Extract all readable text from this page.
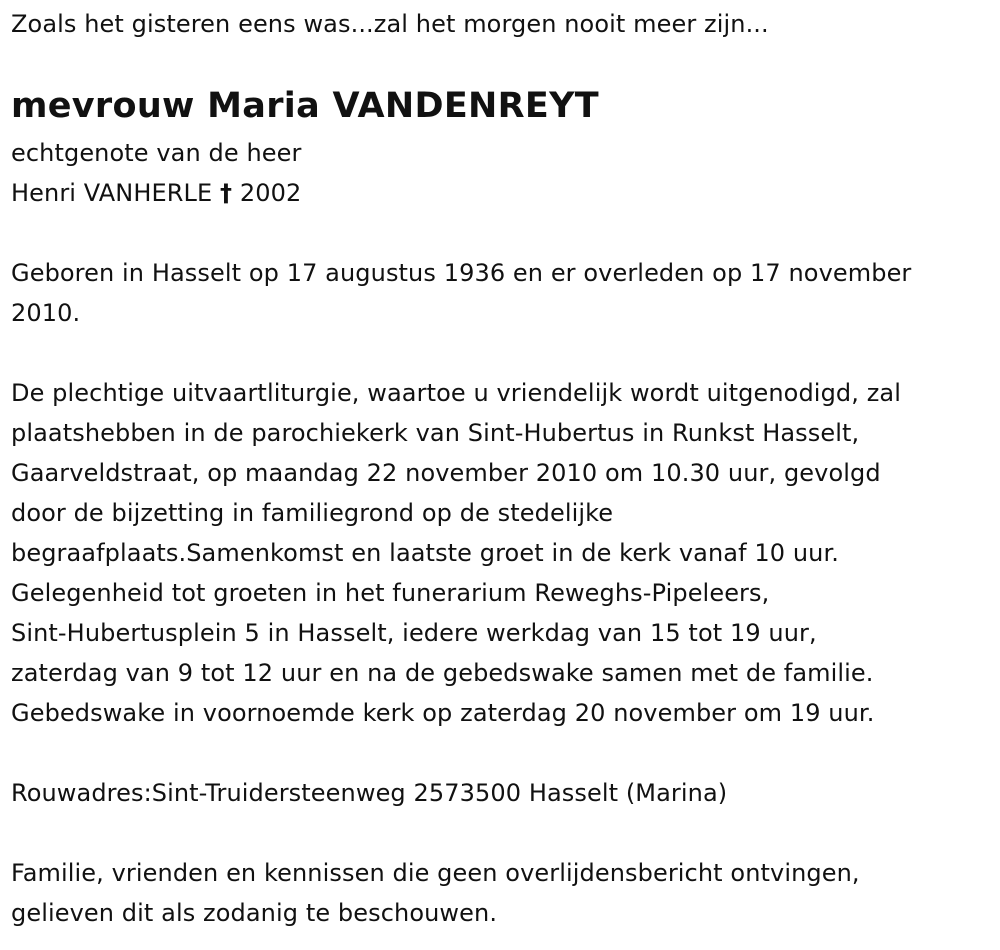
Zoals het gisteren eens was...zal het morgen nooit meer zijn...
mevrouw Maria VANDENREYT
echtgenote van de heer
Henri VANHERLE † 2002
Geboren in Hasselt op 17 augustus 1936 en er overleden op 17 november
2010.
De plechtige uitvaartliturgie, waartoe u vriendelijk wordt uitgenodigd, zal
plaatshebben in de parochiekerk van Sint-Hubertus in Runkst Hasselt,
Gaarveldstraat, op maandag 22 november 2010 om 10.30 uur, gevolgd
door de bijzetting in familiegrond op de stedelijke
begraafplaats.Samenkomst en laatste groet in de kerk vanaf 10 uur.
Gelegenheid tot groeten in het funerarium Reweghs-Pipeleers,
Sint-Hubertusplein 5 in Hasselt, iedere werkdag van 15 tot 19 uur,
zaterdag van 9 tot 12 uur en na de gebedswake samen met de familie.
Gebedswake in voornoemde kerk op zaterdag 20 november om 19 uur.
Rouwadres:Sint-Truidersteenweg 2573500 Hasselt (Marina)
Familie, vrienden en kennissen die geen overlijdensbericht ontvingen,
gelieven dit als zodanig te beschouwen.
